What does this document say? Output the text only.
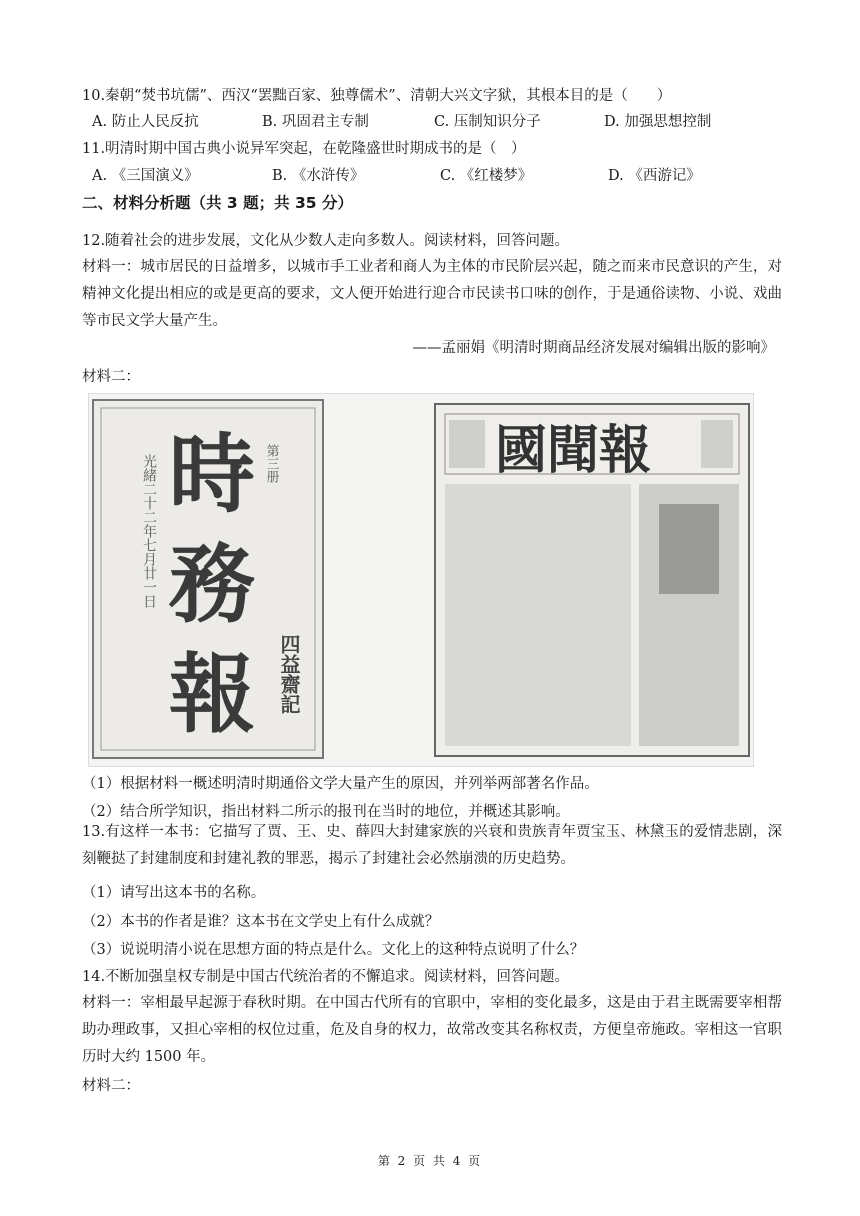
10.秦朝“焚书坑儒”、西汉“罢黜百家、独尊儒术”、清朝大兴文字狱，其根本目的是（　　）
A. 防止人民反抗	B. 巩固君主专制	C. 压制知识分子	D. 加强思想控制
11.明清时期中国古典小说异军突起，在乾隆盛世时期成书的是（　）
A. 《三国演义》	B. 《水浒传》	C. 《红楼梦》	D. 《西游记》
二、材料分析题（共 3 题；共 35 分）
12.随着社会的进步发展，文化从少数人走向多数人。阅读材料，回答问题。
材料一：城市居民的日益增多，以城市手工业者和商人为主体的市民阶层兴起，随之而来市民意识的产生，对精神文化提出相应的或是更高的要求，文人便开始进行迎合市民读书口味的创作，于是通俗读物、小说、戏曲等市民文学大量产生。
——孟丽娟《明清时期商品经济发展对编辑出版的影响》
材料二：
時
務
報
第三册
光緒二十二年七月廿一日
四益齋記
國聞報
（1）根据材料一概述明清时期通俗文学大量产生的原因，并列举两部著名作品。
（2）结合所学知识，指出材料二所示的报刊在当时的地位，并概述其影响。
13.有这样一本书：它描写了贾、王、史、薛四大封建家族的兴衰和贵族青年贾宝玉、林黛玉的爱情悲剧，深刻鞭挞了封建制度和封建礼教的罪恶，揭示了封建社会必然崩溃的历史趋势。
（1）请写出这本书的名称。
（2）本书的作者是谁？这本书在文学史上有什么成就？
（3）说说明清小说在思想方面的特点是什么。文化上的这种特点说明了什么？
14.不断加强皇权专制是中国古代统治者的不懈追求。阅读材料，回答问题。
材料一：宰相最早起源于春秋时期。在中国古代所有的官职中，宰相的变化最多，这是由于君主既需要宰相帮助办理政事，又担心宰相的权位过重，危及自身的权力，故常改变其名称权责，方便皇帝施政。宰相这一官职历时大约 1500 年。
材料二：
第 2 页 共 4 页
